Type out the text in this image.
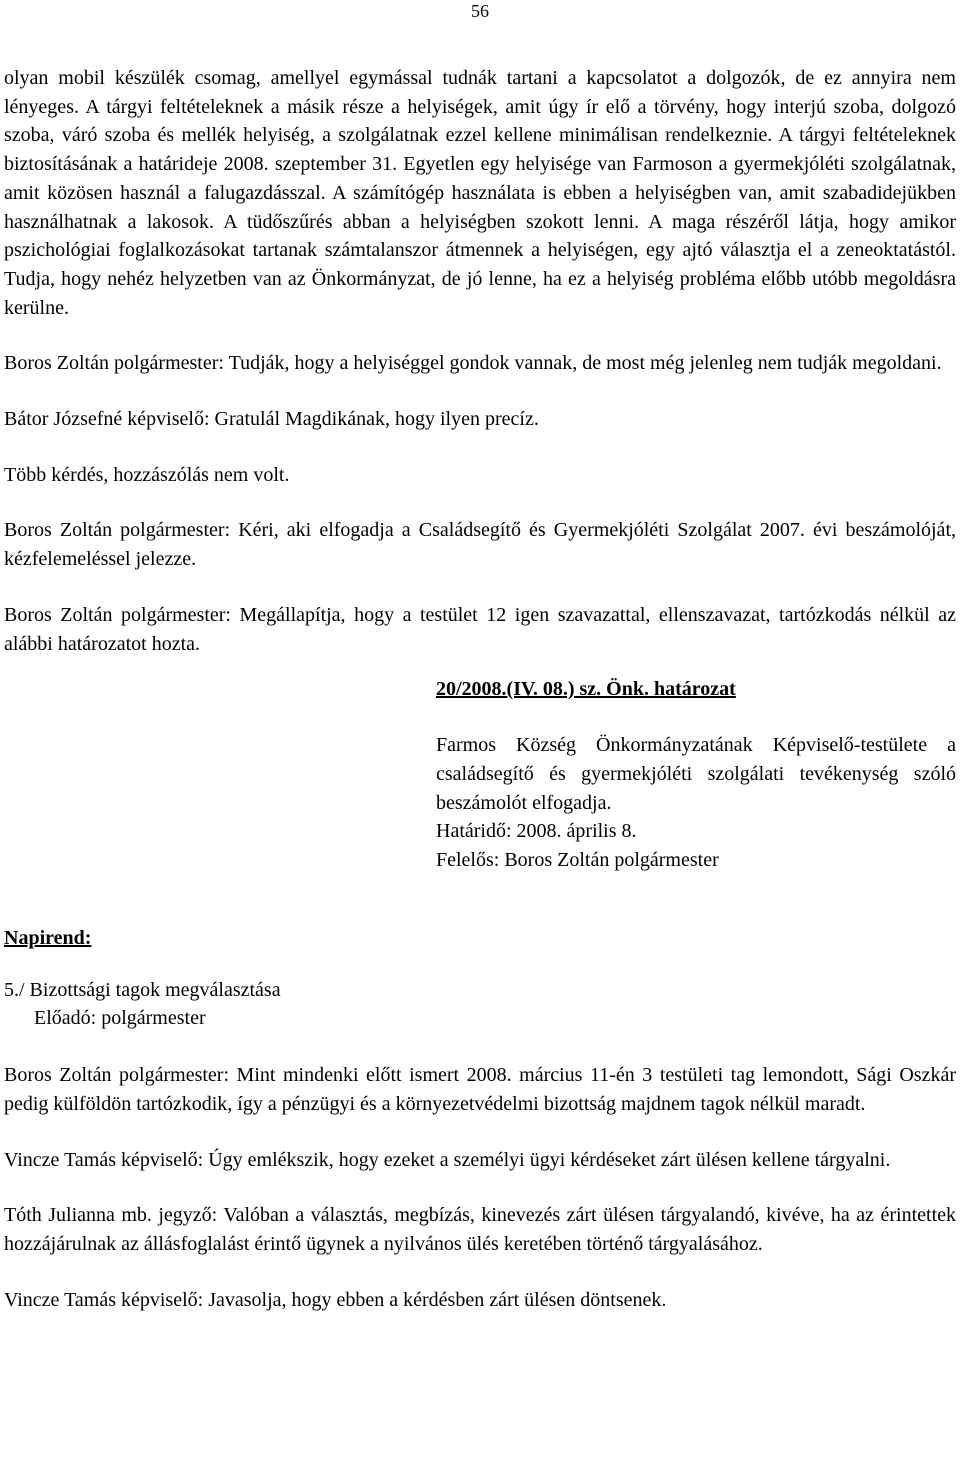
56

olyan mobil készülék csomag, amellyel egymással tudnák tartani a kapcsolatot a dolgozók, de ez annyira nem lényeges. A tárgyi feltételeknek a másik része a helyiségek, amit úgy ír elő a törvény, hogy interjú szoba, dolgozó szoba, váró szoba és mellék helyiség, a szolgálatnak ezzel kellene minimálisan rendelkeznie. A tárgyi feltételeknek biztosításának a határideje 2008. szeptember 31. Egyetlen egy helyisége van Farmoson a gyermekjóléti szolgálatnak, amit közösen használ a falugazdásszal. A számítógép használata is ebben a helyiségben van, amit szabadidejükben használhatnak a lakosok. A tüdőszűrés abban a helyiségben szokott lenni. A maga részéről látja, hogy amikor pszichológiai foglalkozásokat tartanak számtalanszor átmennek a helyiségen, egy ajtó választja el a zeneoktatástól. Tudja, hogy nehéz helyzetben van az Önkormányzat, de jó lenne, ha ez a helyiség probléma előbb utóbb megoldásra kerülne.

Boros Zoltán polgármester: Tudják, hogy a helyiséggel gondok vannak, de most még jelenleg nem tudják megoldani.

Bátor Józsefné képviselő: Gratulál Magdikának, hogy ilyen precíz.

Több kérdés, hozzászólás nem volt.

Boros Zoltán polgármester: Kéri, aki elfogadja a Családsegítő és Gyermekjóléti Szolgálat 2007. évi beszámolóját, kézfelemeléssel jelezze.

Boros Zoltán polgármester: Megállapítja, hogy a testület 12 igen szavazattal, ellenszavazat, tartózkodás nélkül az alábbi határozatot hozta.

20/2008.(IV. 08.) sz. Önk. határozat

Farmos Község Önkormányzatának Képviselő-testülete a családsegítő és gyermekjóléti szolgálati tevékenység szóló beszámolót elfogadja.

Határidő: 2008. április 8.

Felelős: Boros Zoltán polgármester

Napirend:

5./ Bizottsági tagok megválasztása

Előadó: polgármester

Boros Zoltán polgármester: Mint mindenki előtt ismert 2008. március 11-én 3 testületi tag lemondott, Sági Oszkár pedig külföldön tartózkodik, így a pénzügyi és a környezetvédelmi bizottság majdnem tagok nélkül maradt.

Vincze Tamás képviselő: Úgy emlékszik, hogy ezeket a személyi ügyi kérdéseket zárt ülésen kellene tárgyalni.

Tóth Julianna mb. jegyző: Valóban a választás, megbízás, kinevezés zárt ülésen tárgyalandó, kivéve, ha az érintettek hozzájárulnak az állásfoglalást érintő ügynek a nyilvános ülés keretében történő tárgyalásához.

Vincze Tamás képviselő: Javasolja, hogy ebben a kérdésben zárt ülésen döntsenek.
